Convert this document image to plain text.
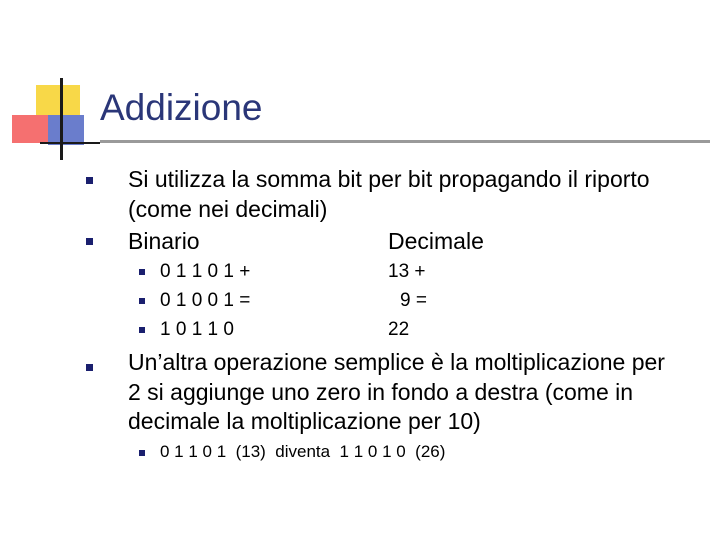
Addizione
Si utilizza la somma bit per bit propagando il riporto
(come nei decimali)
Binario	Decimale
0 1 1 0 1 +	13 +
0 1 0 0 1 =	9 =
1 0 1 1 0	22
Un’altra operazione semplice è la moltiplicazione per
2 si aggiunge uno zero in fondo a destra (come in
decimale la moltiplicazione per 10)
0 1 1 0 1  (13)  diventa  1 1 0 1 0  (26)
